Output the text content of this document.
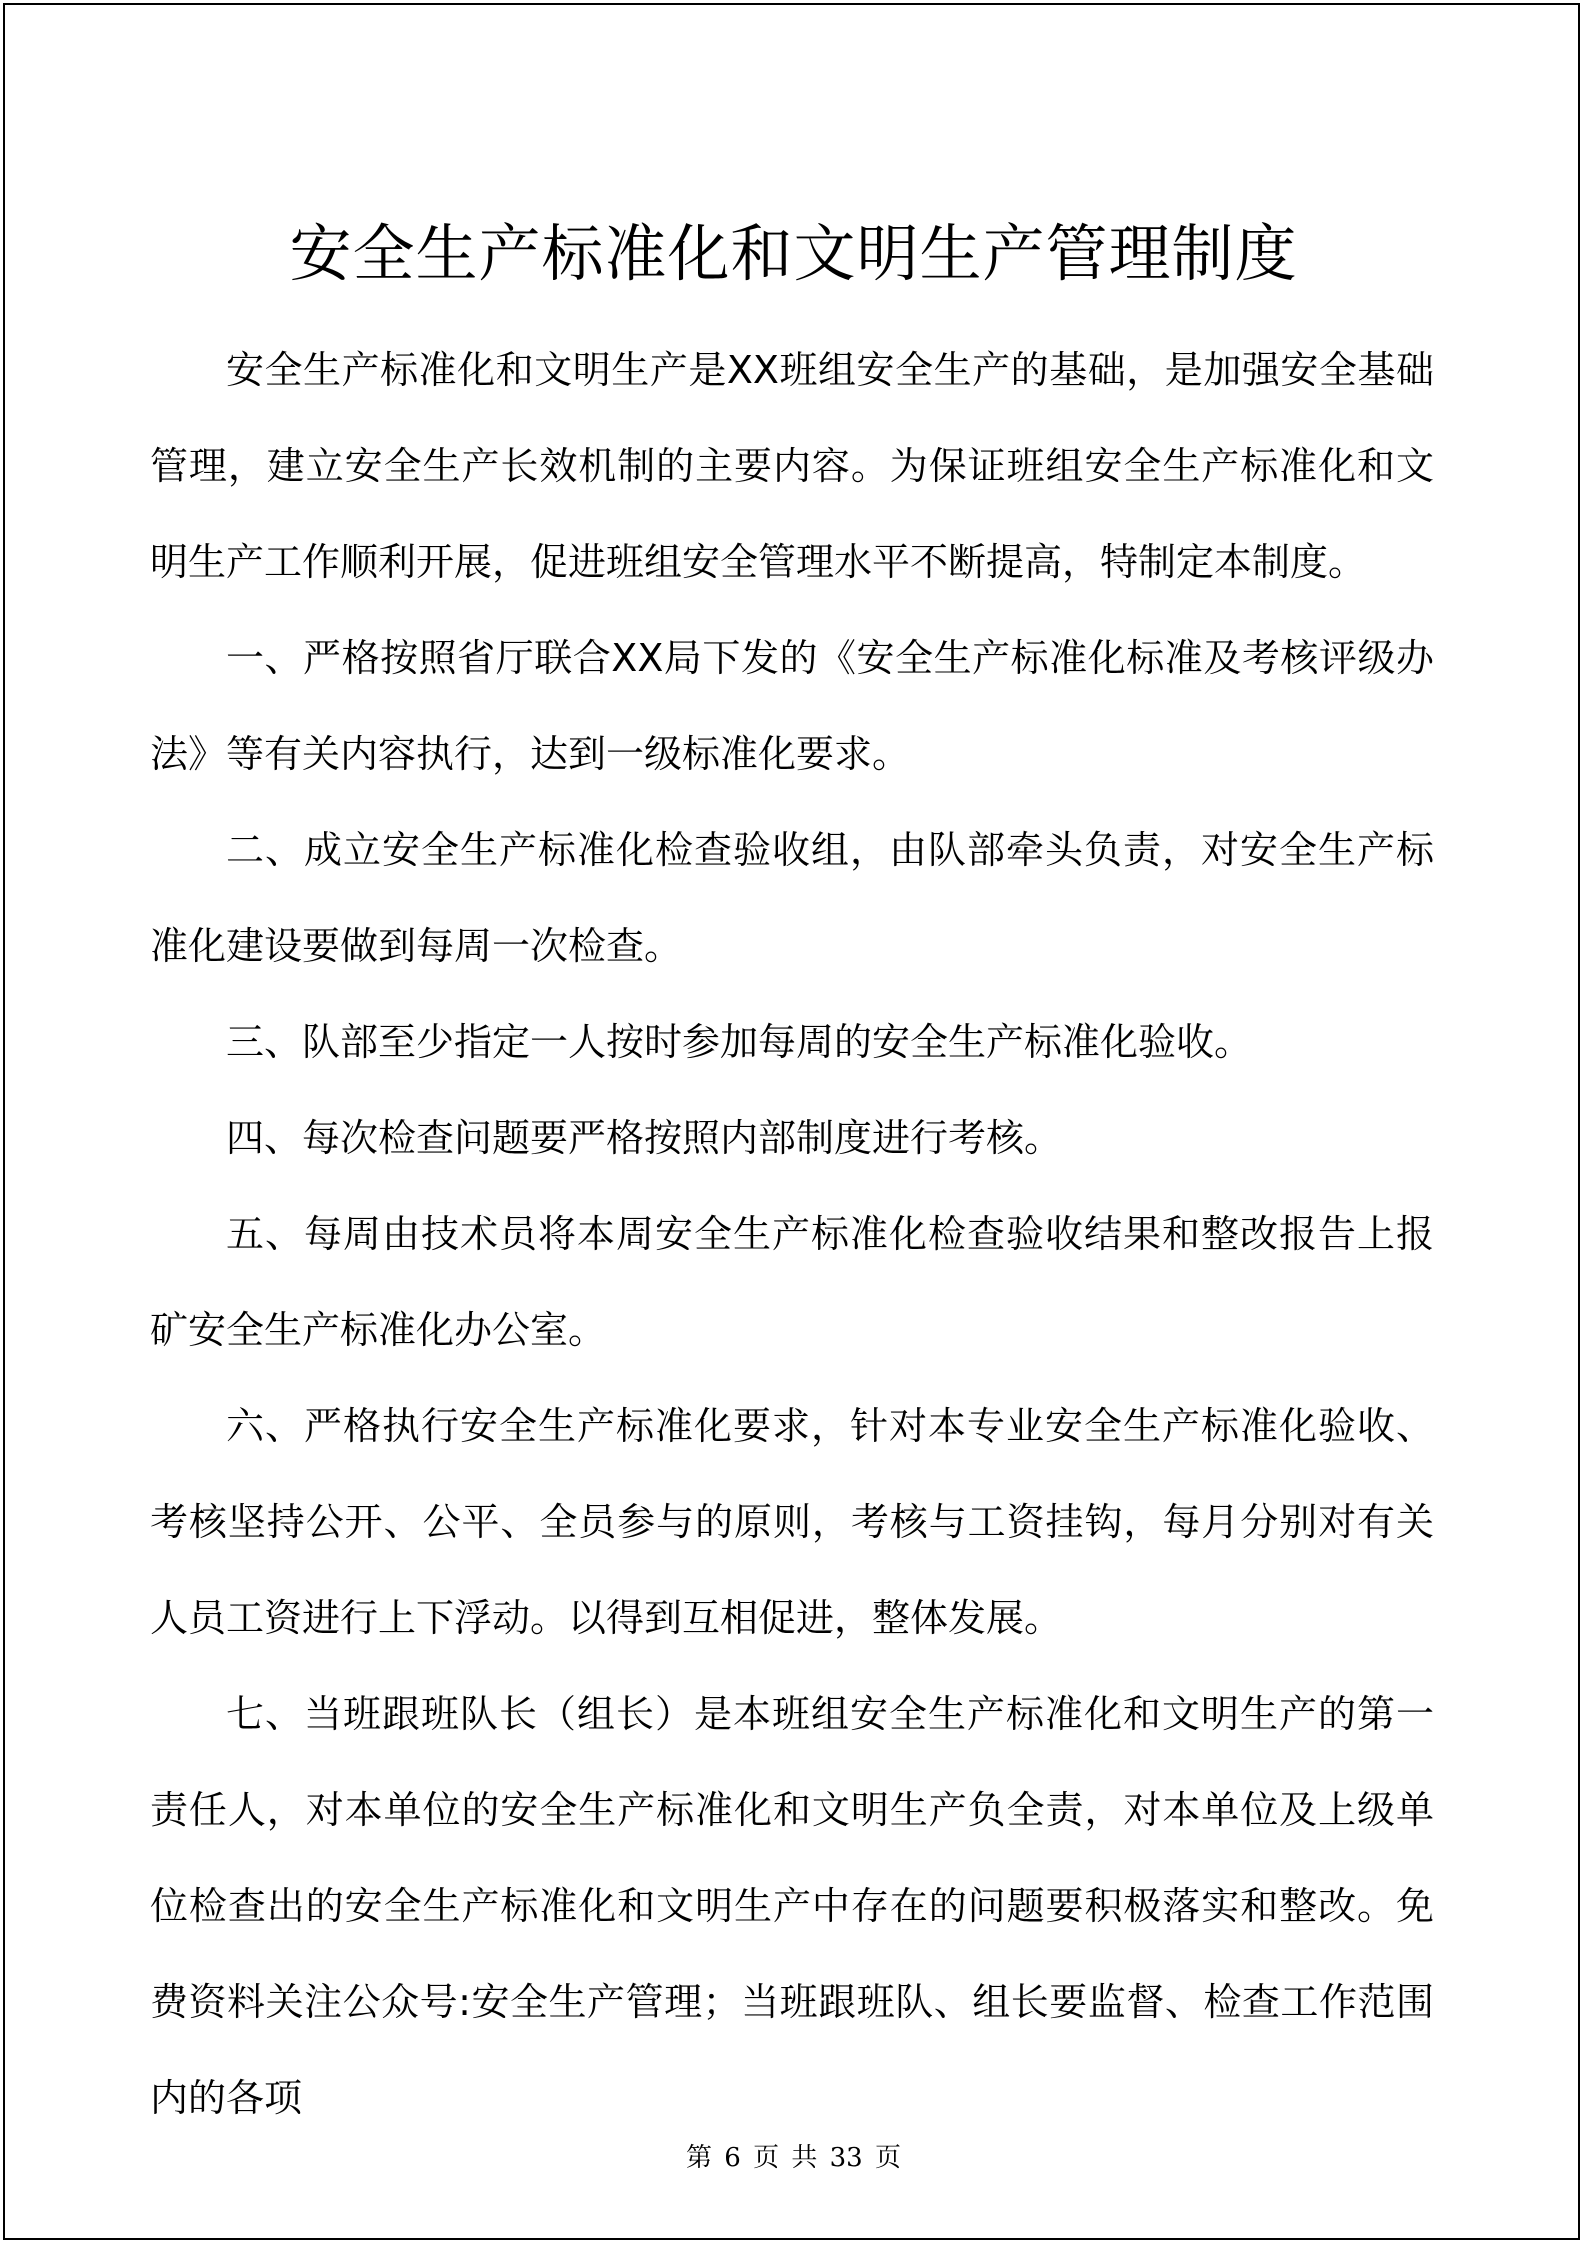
安全生产标准化和文明生产管理制度

安全生产标准化和文明生产是XX班组安全生产的基础，是加强安全基础管理，建立安全生产长效机制的主要内容。为保证班组安全生产标准化和文明生产工作顺利开展，促进班组安全管理水平不断提高，特制定本制度。

一、严格按照省厅联合XX局下发的《安全生产标准化标准及考核评级办法》等有关内容执行，达到一级标准化要求。

二、成立安全生产标准化检查验收组，由队部牵头负责，对安全生产标准化建设要做到每周一次检查。

三、队部至少指定一人按时参加每周的安全生产标准化验收。

四、每次检查问题要严格按照内部制度进行考核。

五、每周由技术员将本周安全生产标准化检查验收结果和整改报告上报矿安全生产标准化办公室。

六、严格执行安全生产标准化要求，针对本专业安全生产标准化验收、考核坚持公开、公平、全员参与的原则，考核与工资挂钩，每月分别对有关人员工资进行上下浮动。以得到互相促进，整体发展。

七、当班跟班队长（组长）是本班组安全生产标准化和文明生产的第一责任人，对本单位的安全生产标准化和文明生产负全责，对本单位及上级单位检查出的安全生产标准化和文明生产中存在的问题要积极落实和整改。免费资料关注公众号:安全生产管理；当班跟班队、组长要监督、检查工作范围内的各项

第 6 页 共 33 页
